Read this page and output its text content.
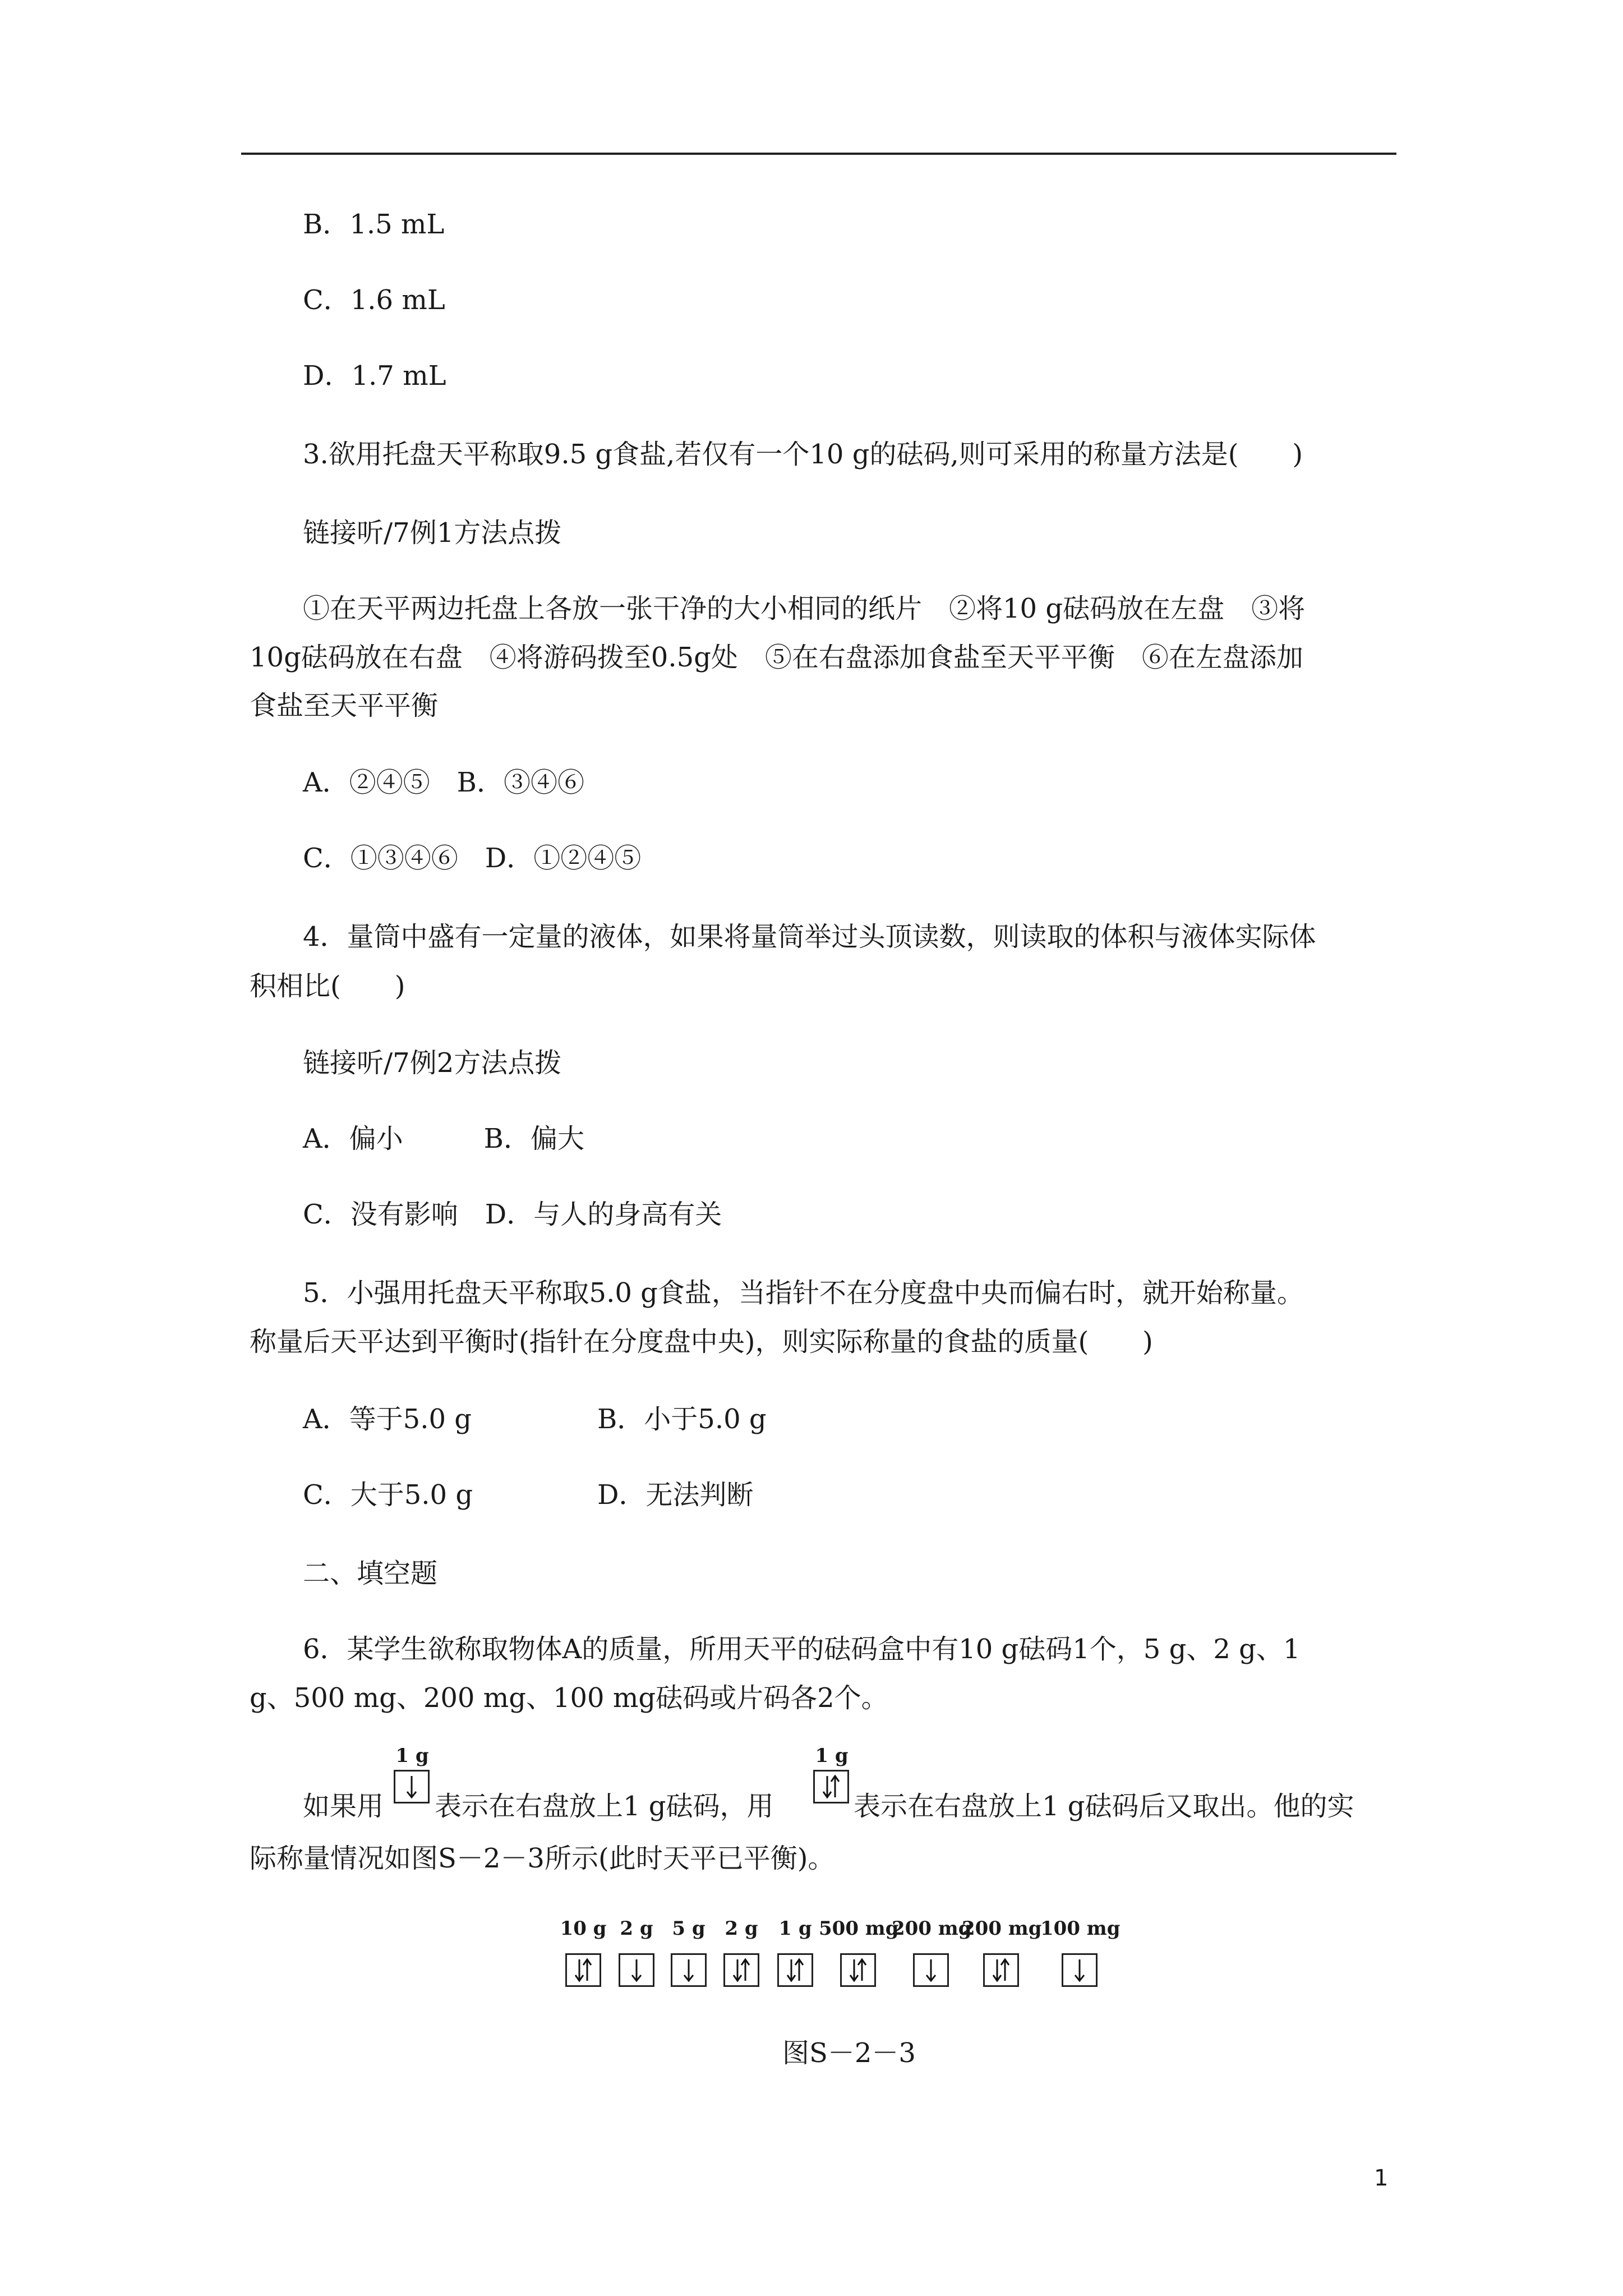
B．1.5 mL

C．1.6 mL

D．1.7 mL

3.欲用托盘天平称取9.5 g食盐,若仅有一个10 g的砝码,则可采用的称量方法是(　　)

链接听/7例1方法点拨

①在天平两边托盘上各放一张干净的大小相同的纸片　②将10 g砝码放在左盘　③将

10g砝码放在右盘　④将游码拨至0.5g处　⑤在右盘添加食盐至天平平衡　⑥在左盘添加

食盐至天平平衡

A．②④⑤　B．③④⑥

C．①③④⑥　D．①②④⑤

4．量筒中盛有一定量的液体，如果将量筒举过头顶读数，则读取的体积与液体实际体

积相比(　　)

链接听/7例2方法点拨

A．偏小　　　B．偏大

C．没有影响　D．与人的身高有关

5．小强用托盘天平称取5.0 g食盐，当指针不在分度盘中央而偏右时，就开始称量。

称量后天平达到平衡时(指针在分度盘中央)，则实际称量的食盐的质量(　　)

A．等于5.0 g	B．小于5.0 g

C．大于5.0 g	D．无法判断

二、填空题

6．某学生欲称取物体A的质量，所用天平的砝码盒中有10 g砝码1个，5 g、2 g、1

g、500 mg、200 mg、100 mg砝码或片码各2个。

如果用

1 g

表示在右盘放上1 g砝码，用

1 g

表示在右盘放上1 g砝码后又取出。他的实

际称量情况如图S－2－3所示(此时天平已平衡)。

10 g 2 g 5 g	2 g	1 g 500 mg
200 mg
200 mg
100 mg

图S－2－3

1
